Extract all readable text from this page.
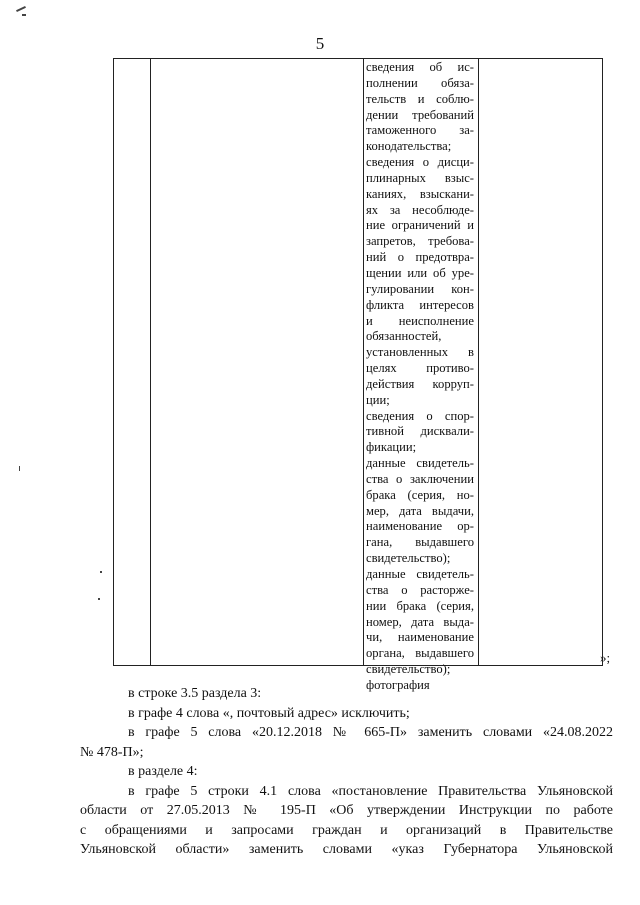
5
сведения об ис-
полнении обяза-
тельств и соблю-
дении требований
таможенного за-
конодательства;
сведения о дисци-
плинарных взыс-
каниях, взыскани-
ях за несоблюде-
ние ограничений и
запретов, требова-
ний о предотвра-
щении или об уре-
гулировании кон-
фликта интересов
и неисполнение
обязанностей,
установленных в
целях противо-
действия корруп-
ции;
сведения о спор-
тивной дисквали-
фикации;
данные свидетель-
ства о заключении
брака (серия, но-
мер, дата выдачи,
наименование ор-
гана, выдавшего
свидетельство);
данные свидетель-
ства о расторже-
нии брака (серия,
номер, дата выда-
чи, наименование
органа, выдавшего
свидетельство);
фотография
»;

в строке 3.5 раздела 3:

в графе 4 слова «, почтовый адрес» исключить;

в графе 5 слова «20.12.2018 № 665-П» заменить словами «24.08.2022

№ 478-П»;

в разделе 4:

в графе 5 строки 4.1 слова «постановление Правительства Ульяновской

области от 27.05.2013 № 195-П «Об утверждении Инструкции по работе

с обращениями и запросами граждан и организаций в Правительстве

Ульяновской области» заменить словами «указ Губернатора Ульяновской
